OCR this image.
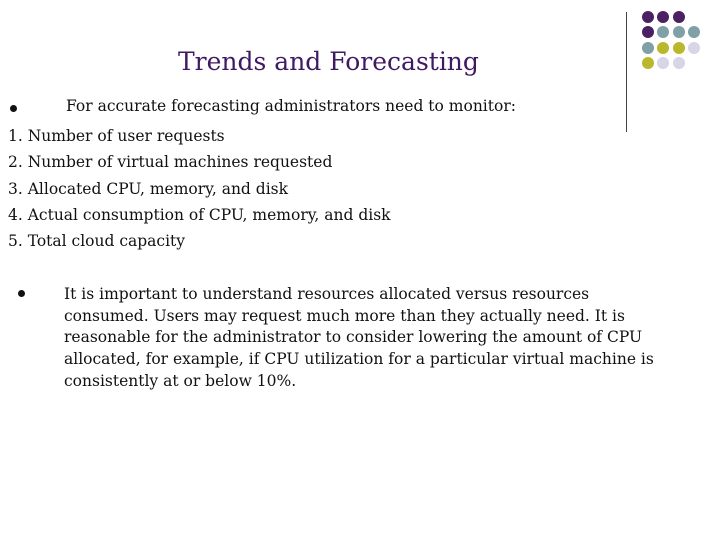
Trends and Forecasting
For accurate forecasting administrators need to monitor:
1. Number of user requests
2. Number of virtual machines requested
3. Allocated CPU, memory, and disk
4. Actual consumption of CPU, memory, and disk
5. Total cloud capacity
It is important to understand resources allocated versus resources consumed. Users may request much more than they actually need. It is reasonable for the administrator to consider lowering the amount of CPU allocated, for example, if CPU utilization for a particular virtual machine is consistently at or below 10%.
